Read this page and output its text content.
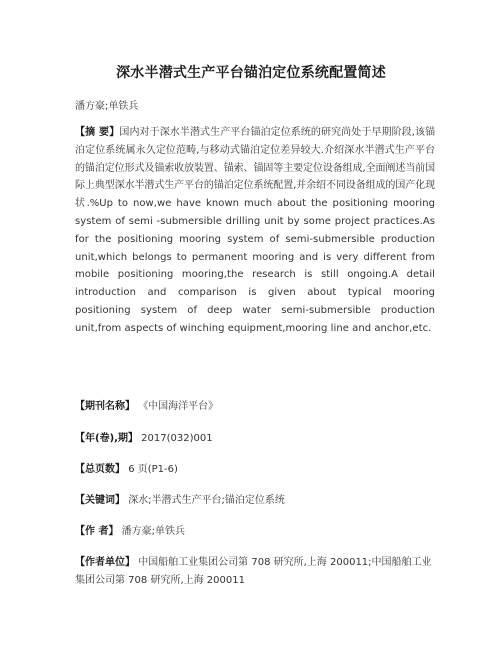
深水半潜式生产平台锚泊定位系统配置简述
潘方豪;单铁兵
【摘 要】国内对于深水半潜式生产平台锚泊定位系统的研究尚处于早期阶段,该锚泊定位系统属永久定位范畴,与移动式锚泊定位差异较大.介绍深水半潜式生产平台的锚泊定位形式及锚索收放装置、锚索、锚固等主要定位设备组成,全面阐述当前国际上典型深水半潜式生产平台的锚泊定位系统配置,并余绍不同设备组成的国产化现状.%Up to now,we have known much about the positioning mooring system of semi -submersible drilling unit by some project practices.As for the positioning mooring system of semi-submersible production unit,which belongs to permanent mooring and is very different from mobile positioning mooring,the research is still ongoing.A detail introduction and comparison is given about typical mooring positioning system of deep water semi-submersible production unit,from aspects of winching equipment,mooring line and anchor,etc.
【期刊名称】 《中国海洋平台》
【年(卷),期】 2017(032)001
【总页数】 6 页(P1-6)
【关键词】 深水;半潜式生产平台;锚泊定位系统
【作 者】 潘方豪;单铁兵
【作者单位】 中国船舶工业集团公司第 708 研究所,上海 200011;中国船舶工业集团公司第 708 研究所,上海 200011
